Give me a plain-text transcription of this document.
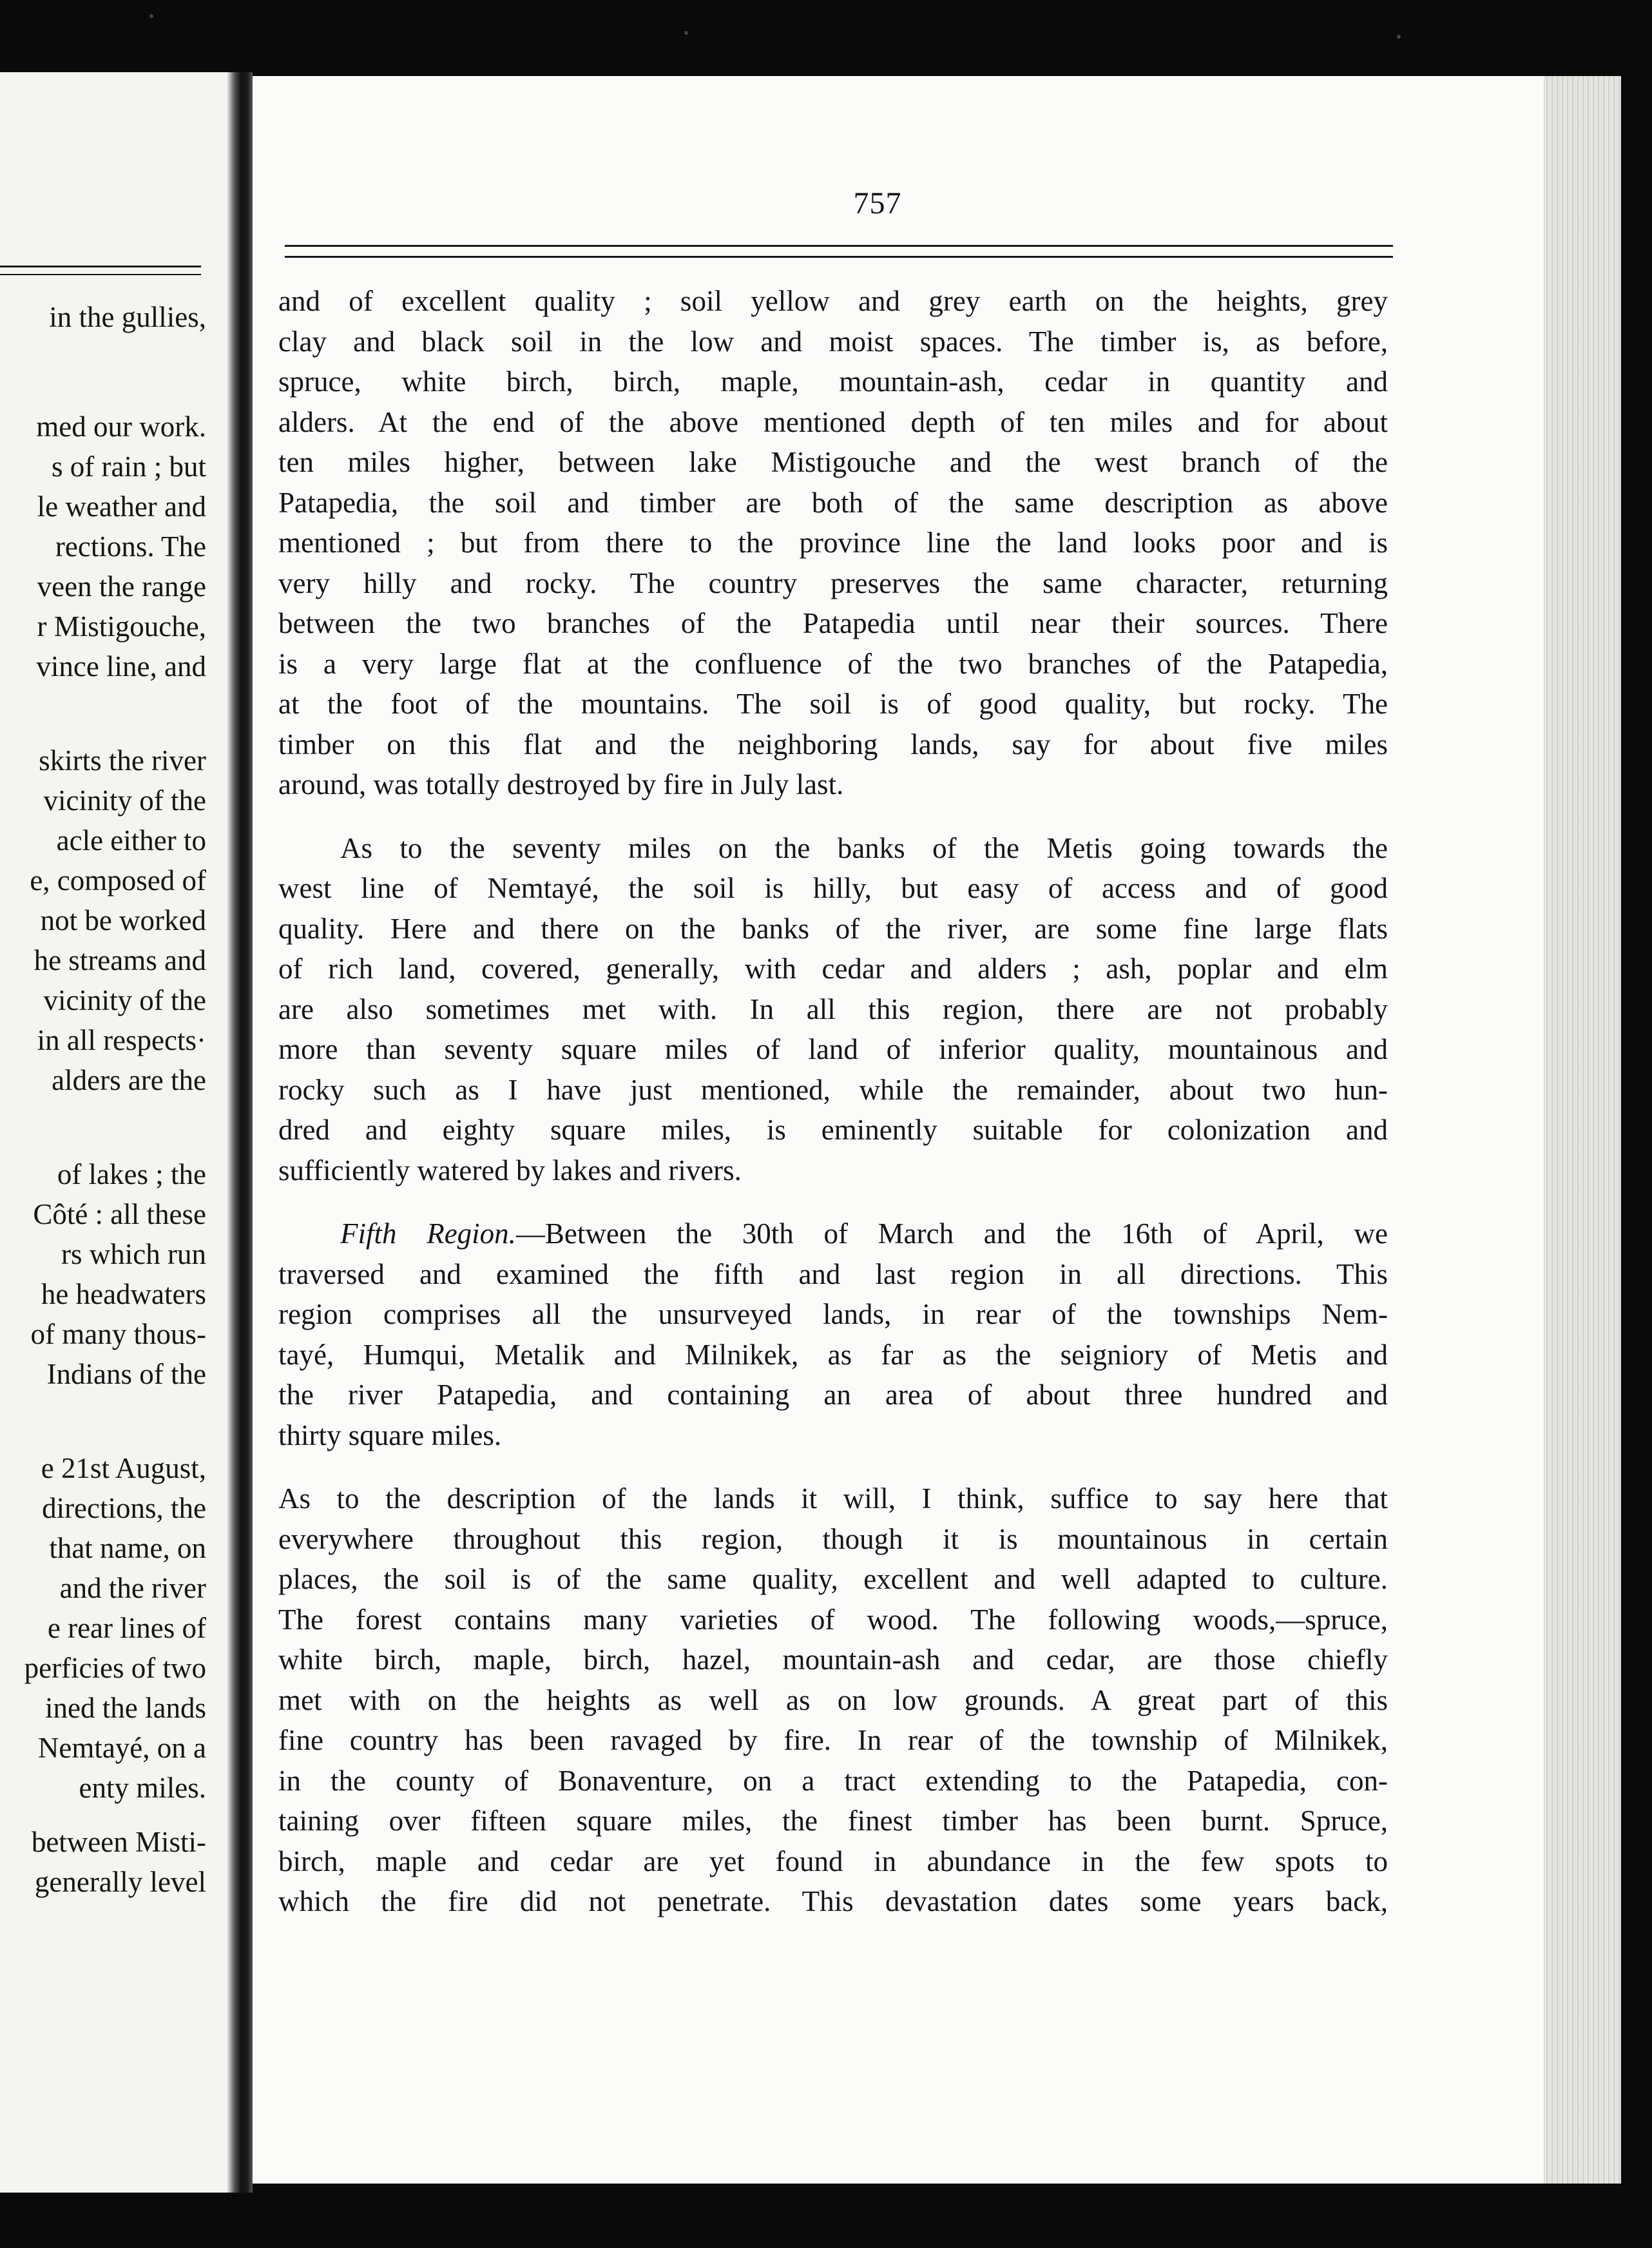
in the gullies,
med our work.
s of rain ; but
le weather and
rections. The
veen the range
r Mistigouche,
vince line, and
skirts the river
vicinity of the
acle either to
e, composed of
not be worked
he streams and
vicinity of the
in all respects·
alders are the
of lakes ; the
Côté : all these
rs which run
he headwaters
of many thous-
Indians of the
e 21st August,
directions, the
that name, on
and the river
e rear lines of
perficies of two
ined the lands
Nemtayé, on a
enty miles.
between Misti-
generally level
757
and of excellent quality ; soil yellow and grey earth on the heights, grey
clay and black soil in the low and moist spaces. The timber is, as before,
spruce, white birch, birch, maple, mountain-ash, cedar in quantity and
alders. At the end of the above mentioned depth of ten miles and for about
ten miles higher, between lake Mistigouche and the west branch of the
Patapedia, the soil and timber are both of the same description as above
mentioned ; but from there to the province line the land looks poor and is
very hilly and rocky. The country preserves the same character, returning
between the two branches of the Patapedia until near their sources. There
is a very large flat at the confluence of the two branches of the Patapedia,
at the foot of the mountains. The soil is of good quality, but rocky. The
timber on this flat and the neighboring lands, say for about five miles
around, was totally destroyed by fire in July last.
As to the seventy miles on the banks of the Metis going towards the
west line of Nemtayé, the soil is hilly, but easy of access and of good
quality. Here and there on the banks of the river, are some fine large flats
of rich land, covered, generally, with cedar and alders ; ash, poplar and elm
are also sometimes met with. In all this region, there are not probably
more than seventy square miles of land of inferior quality, mountainous and
rocky such as I have just mentioned, while the remainder, about two hun-
dred and eighty square miles, is eminently suitable for colonization and
sufficiently watered by lakes and rivers.
Fifth Region.—Between the 30th of March and the 16th of April, we
traversed and examined the fifth and last region in all directions. This
region comprises all the unsurveyed lands, in rear of the townships Nem-
tayé, Humqui, Metalik and Milnikek, as far as the seigniory of Metis and
the river Patapedia, and containing an area of about three hundred and
thirty square miles.
As to the description of the lands it will, I think, suffice to say here that
everywhere throughout this region, though it is mountainous in certain
places, the soil is of the same quality, excellent and well adapted to culture.
The forest contains many varieties of wood. The following woods,—spruce,
white birch, maple, birch, hazel, mountain-ash and cedar, are those chiefly
met with on the heights as well as on low grounds. A great part of this
fine country has been ravaged by fire. In rear of the township of Milnikek,
in the county of Bonaventure, on a tract extending to the Patapedia, con-
taining over fifteen square miles, the finest timber has been burnt. Spruce,
birch, maple and cedar are yet found in abundance in the few spots to
which the fire did not penetrate. This devastation dates some years back,
